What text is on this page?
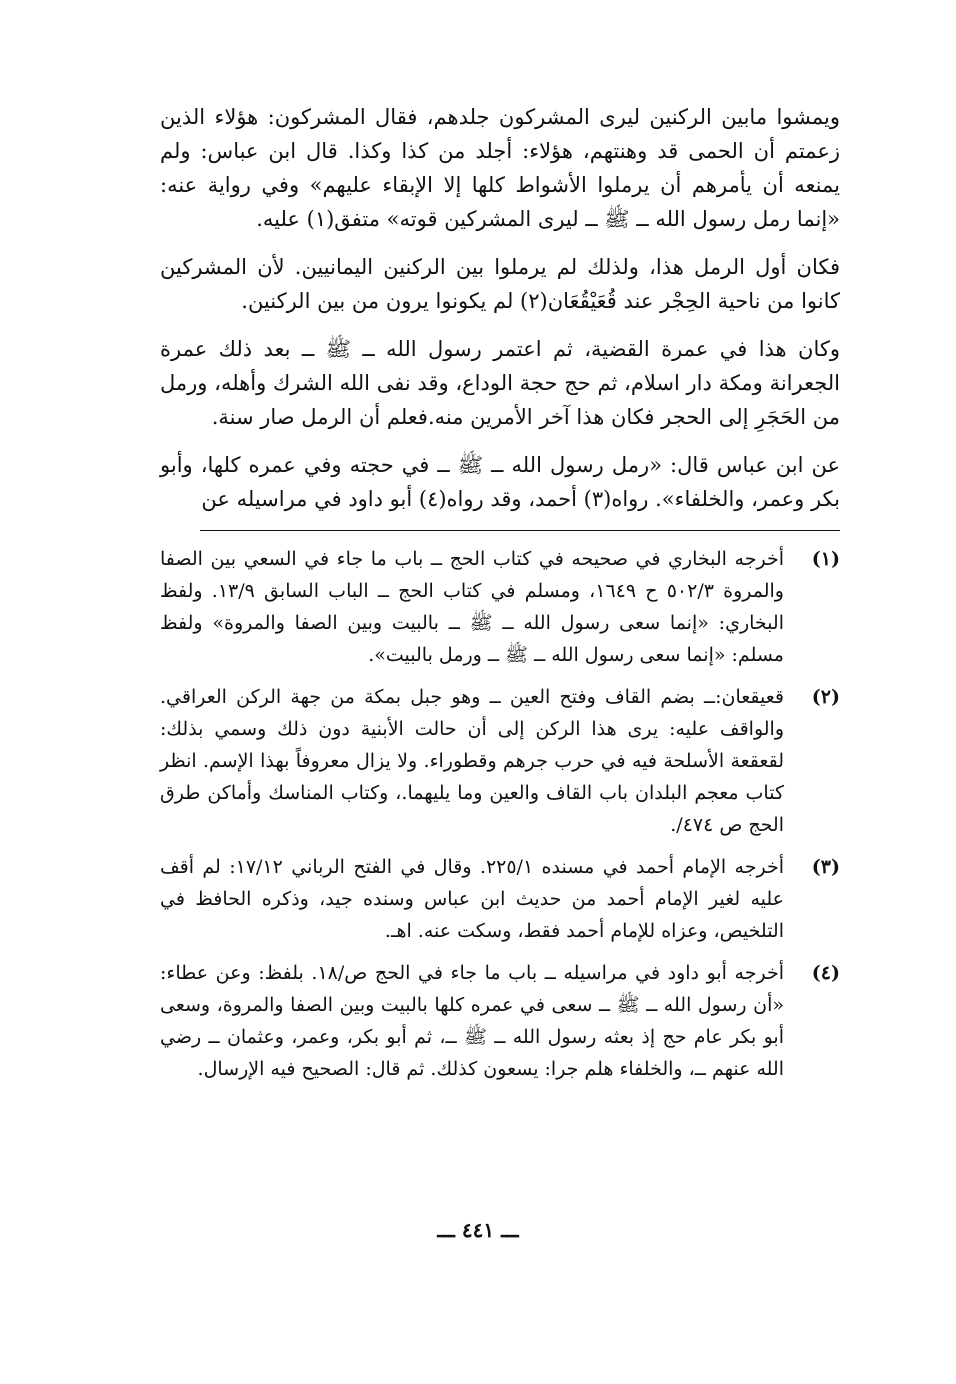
ويمشوا مابين الركنين ليرى المشركون جلدهم، فقال المشركون: هؤلاء الذين زعمتم أن الحمى قد وهنتهم، هؤلاء: أجلد من كذا وكذا. قال ابن عباس: ولم يمنعه أن يأمرهم أن يرملوا الأشواط كلها إلا الإبقاء عليهم» وفي رواية عنه: «إنما رمل رسول الله ــ ﷺ ــ ليرى المشركين قوته» متفق(١) عليه.

فكان أول الرمل هذا، ولذلك لم يرملوا بين الركنين اليمانيين. لأن المشركين كانوا من ناحية الحِجْر عند قُعَيْقُعَان(٢) لم يكونوا يرون من بين الركنين.

وكان هذا في عمرة القضية، ثم اعتمر رسول الله ــ ﷺ ــ بعد ذلك عمرة الجعرانة ومكة دار اسلام، ثم حج حجة الوداع، وقد نفى الله الشرك وأهله، ورمل من الحَجَرِ إلى الحجر فكان هذا آخر الأمرين منه.فعلم أن الرمل صار سنة.

عن ابن عباس قال: «رمل رسول الله ــ ﷺ ــ في حجته وفي عمره كلها، وأبو بكر وعمر، والخلفاء». رواه(٣) أحمد، وقد رواه(٤) أبو داود في مراسيله عن

(١)
أخرجه البخاري في صحيحه في كتاب الحج ــ باب ما جاء في السعي بين الصفا والمروة ٥٠٢/٣ ح ١٦٤٩، ومسلم في كتاب الحج ــ الباب السابق ١٣/٩. ولفظ البخاري: «إنما سعى رسول الله ــ ﷺ ــ بالبيت وبين الصفا والمروة» ولفظ مسلم: «إنما سعى رسول الله ــ ﷺ ــ ورمل بالبيت».
(٢)
قعيقعان:ــ بضم القاف وفتح العين ــ وهو جبل بمكة من جهة الركن العراقي. والواقف عليه: يرى هذا الركن إلى أن حالت الأبنية دون ذلك وسمي بذلك: لقعقعة الأسلحة فيه في حرب جرهم وقطوراء. ولا يزال معروفاً بهذا الإسم. انظر كتاب معجم البلدان باب القاف والعين وما يليهما.، وكتاب المناسك وأماكن طرق الحج ص ٤٧٤/.
(٣)
أخرجه الإمام أحمد في مسنده ٢٢٥/١. وقال في الفتح الرباني ١٧/١٢: لم أقف عليه لغير الإمام أحمد من حديث ابن عباس وسنده جيد، وذكره الحافظ في التلخيص، وعزاه للإمام أحمد فقط، وسكت عنه. اهـ.
(٤)
أخرجه أبو داود في مراسيله ــ باب ما جاء في الحج ص/١٨. بلفظ: وعن عطاء: «أن رسول الله ــ ﷺ ــ سعى في عمره كلها بالبيت وبين الصفا والمروة، وسعى أبو بكر عام حج إذ بعثه رسول الله ــ ﷺ ــ، ثم أبو بكر، وعمر، وعثمان ــ رضي الله عنهم ــ، والخلفاء هلم جرا: يسعون كذلك. ثم قال: الصحيح فيه الإرسال.
ـــ ٤٤١ ـــ
